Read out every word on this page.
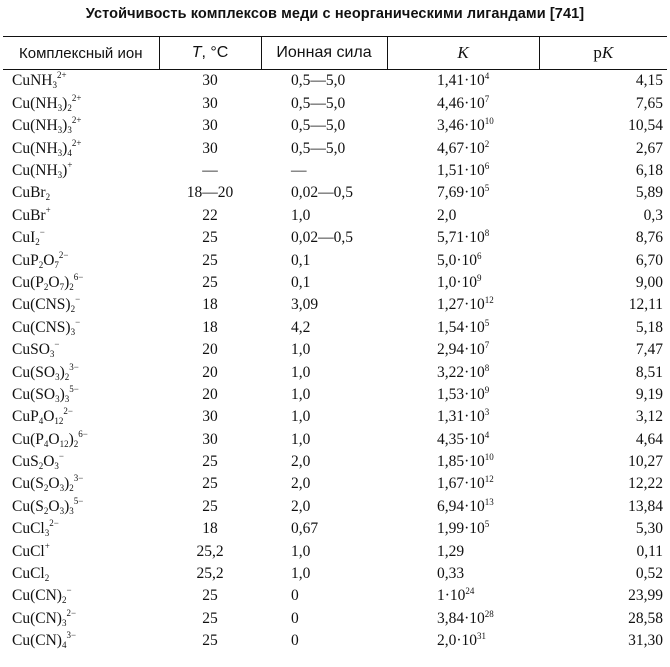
Устойчивость комплексов меди с неорганическими лигандами [741]
Комплексный ион	T, °C	Ионная сила	K	pK
CuNH$_3^{2+}$	30	0,5—5,0	$1,41\cdot 10^4$	4,15
$Cu(NH_3)_2^{2+}$	30	0,5—5,0	$4,46\cdot 10^7$	7,65
$Cu(NH_3)_3^{2+}$	30	0,5—5,0	$3,46\cdot 10^{10}$	10,54
$Cu(NH_3)_4^{2+}$	30	0,5—5,0	$4,67\cdot 10^2$	2,67
$Cu(NH_3)^+$	—	—	$1,51\cdot 10^6$	6,18
CuBr$_2$	18—20	0,02—0,5	$7,69\cdot 10^5$	5,89
CuBr+	22	1,0	2,0	0,3
CuI$_2$−	25	0,02—0,5	$5,71\cdot 10^8$	8,76
$CuP_2O_7^{2-}$	25	0,1	$5,0\cdot 10^6$	6,70
$Cu(P_2O_7)_2^{6-}$	25	0,1	$1,0\cdot 10^9$	9,00
$Cu(CNS)_2^-$	18	3,09	$1,27\cdot 10^{12}$	12,11
$Cu(CNS)_3^-$	18	4,2	$1,54\cdot 10^5$	5,18
CuSO$_3$−	20	1,0	$2,94\cdot 10^7$	7,47
$Cu(SO_3)_2^{3-}$	20	1,0	$3,22\cdot 10^8$	8,51
$Cu(SO_3)_3^{5-}$	20	1,0	$1,53\cdot 10^9$	9,19
$CuP_4O_{12}^{2-}$	30	1,0	$1,31\cdot 10^3$	3,12
$Cu(P_4O_{12})_2^{6-}$	30	1,0	$4,35\cdot 10^4$	4,64
$CuS_2O_3^-$	25	2,0	$1,85\cdot 10^{10}$	10,27
$Cu(S_2O_3)_2^{3-}$	25	2,0	$1,67\cdot 10^{12}$	12,22
$Cu(S_2O_3)_3^{5-}$	25	2,0	$6,94\cdot 10^{13}$	13,84
CuCl$_3^{2-}$	18	0,67	$1,99\cdot 10^5$	5,30
CuCl+	25,2	1,0	1,29	0,11
CuCl$_2$	25,2	1,0	0,33	0,52
$Cu(CN)_2^-$	25	0	$1\cdot 10^{24}$	23,99
$Cu(CN)_3^{2-}$	25	0	$3,84\cdot 10^{28}$	28,58
$Cu(CN)_4^{3-}$	25	0	$2,0\cdot 10^{31}$	31,30
